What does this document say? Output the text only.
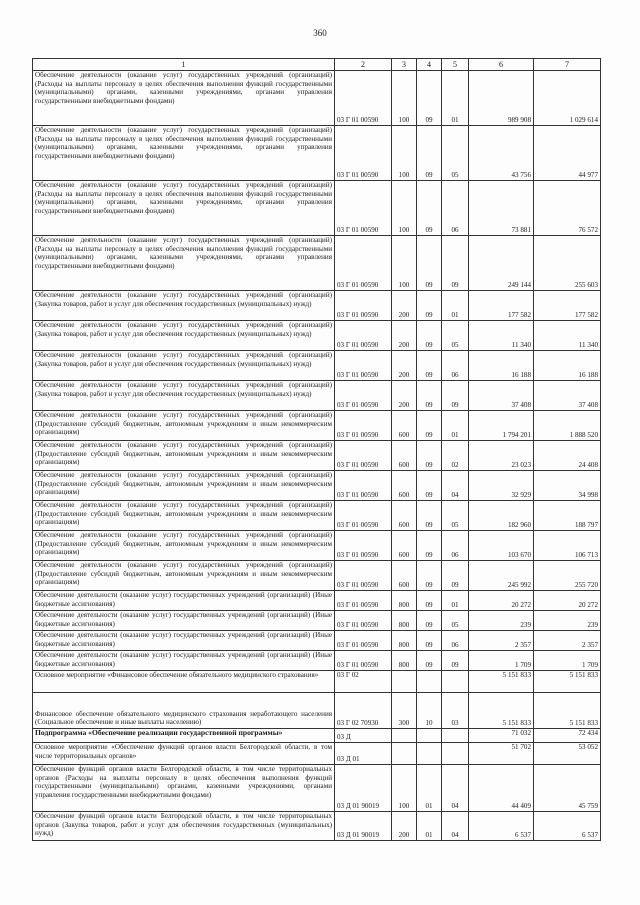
360
1	2	3	4	5	6	7
Обеспечение деятельности (оказание услуг) государственных учреждений (организаций) (Расходы на выплаты персоналу в целях обеспечения выполнения функций государственными (муниципальными) органами, казенными учреждениями, органами управления государственными внебюджетными фондами)	03 Г 01 00590	100	09	01	989 908	1 029 614
Обеспечение деятельности (оказание услуг) государственных учреждений (организаций) (Расходы на выплаты персоналу в целях обеспечения выполнения функций государственными (муниципальными) органами, казенными учреждениями, органами управления государственными внебюджетными фондами)	03 Г 01 00590	100	09	05	43 756	44 977
Обеспечение деятельности (оказание услуг) государственных учреждений (организаций) (Расходы на выплаты персоналу в целях обеспечения выполнения функций государственными (муниципальными) органами, казенными учреждениями, органами управления государственными внебюджетными фондами)	03 Г 01 00590	100	09	06	73 881	76 572
Обеспечение деятельности (оказание услуг) государственных учреждений (организаций) (Расходы на выплаты персоналу в целях обеспечения выполнения функций государственными (муниципальными) органами, казенными учреждениями, органами управления государственными внебюджетными фондами)	03 Г 01 00590	100	09	09	249 144	255 603
Обеспечение деятельности (оказание услуг) государственных учреждений (организаций) (Закупка товаров, работ и услуг для обеспечения государственных (муниципальных) нужд)	03 Г 01 00590	200	09	01	177 582	177 582
Обеспечение деятельности (оказание услуг) государственных учреждений (организаций) (Закупка товаров, работ и услуг для обеспечения государственных (муниципальных) нужд)	03 Г 01 00590	200	09	05	11 340	11 340
Обеспечение деятельности (оказание услуг) государственных учреждений (организаций) (Закупка товаров, работ и услуг для обеспечения государственных (муниципальных) нужд)	03 Г 01 00590	200	09	06	16 188	16 188
Обеспечение деятельности (оказание услуг) государственных учреждений (организаций) (Закупка товаров, работ и услуг для обеспечения государственных (муниципальных) нужд)	03 Г 01 00590	200	09	09	37 408	37 408
Обеспечение деятельности (оказание услуг) государственных учреждений (организаций) (Предоставление субсидий бюджетным, автономным учреждениям и иным некоммерческим организациям)	03 Г 01 00590	600	09	01	1 794 201	1 888 520
Обеспечение деятельности (оказание услуг) государственных учреждений (организаций) (Предоставление субсидий бюджетным, автономным учреждениям и иным некоммерческим организациям)	03 Г 01 00590	600	09	02	23 023	24 408
Обеспечение деятельности (оказание услуг) государственных учреждений (организаций) (Предоставление субсидий бюджетным, автономным учреждениям и иным некоммерческим организациям)	03 Г 01 00590	600	09	04	32 929	34 998
Обеспечение деятельности (оказание услуг) государственных учреждений (организаций) (Предоставление субсидий бюджетным, автономным учреждениям и иным некоммерческим организациям)	03 Г 01 00590	600	09	05	182 960	188 797
Обеспечение деятельности (оказание услуг) государственных учреждений (организаций) (Предоставление субсидий бюджетным, автономным учреждениям и иным некоммерческим организациям)	03 Г 01 00590	600	09	06	103 670	106 713
Обеспечение деятельности (оказание услуг) государственных учреждений (организаций) (Предоставление субсидий бюджетным, автономным учреждениям и иным некоммерческим организациям)	03 Г 01 00590	600	09	09	245 992	255 720
Обеспечение деятельности (оказание услуг) государственных учреждений (организаций) (Иные бюджетные ассигнования)	03 Г 01 00590	800	09	01	20 272	20 272
Обеспечение деятельности (оказание услуг) государственных учреждений (организаций) (Иные бюджетные ассигнования)	03 Г 01 00590	800	09	05	239	239
Обеспечение деятельности (оказание услуг) государственных учреждений (организаций) (Иные бюджетные ассигнования)	03 Г 01 00590	800	09	06	2 357	2 357
Обеспечение деятельности (оказание услуг) государственных учреждений (организаций) (Иные бюджетные ассигнования)	03 Г 01 00590	800	09	09	1 709	1 709
Основное мероприятие «Финансовое обеспечение обязательного медицинского страхования»	03 Г 02				5 151 833	5 151 833
Финансовое обеспечение обязательного медицинского страхования неработающего населения (Социальное обеспечение и иные выплаты населению)	03 Г 02 70930	300	10	03	5 151 833	5 151 833
Подпрограмма «Обеспечение реализации государственной программы»	03 Д				71 032	72 434
Основное мероприятие «Обеспечение функций органов власти Белгородской области, в том числе территориальных органов»	03 Д 01				51 702	53 052
Обеспечение функций органов власти Белгородской области, в том числе территориальных органов (Расходы на выплаты персоналу в целях обеспечения выполнения функций государственными (муниципальными) органами, казенными учреждениями, органами управления государственными внебюджетными фондами)	03 Д 01 90019	100	01	04	44 409	45 759
Обеспечение функций органов власти Белгородской области, в том числе территориальных органов (Закупка товаров, работ и услуг для обеспечения государственных (муниципальных) нужд)	03 Д 01 90019	200	01	04	6 537	6 537
